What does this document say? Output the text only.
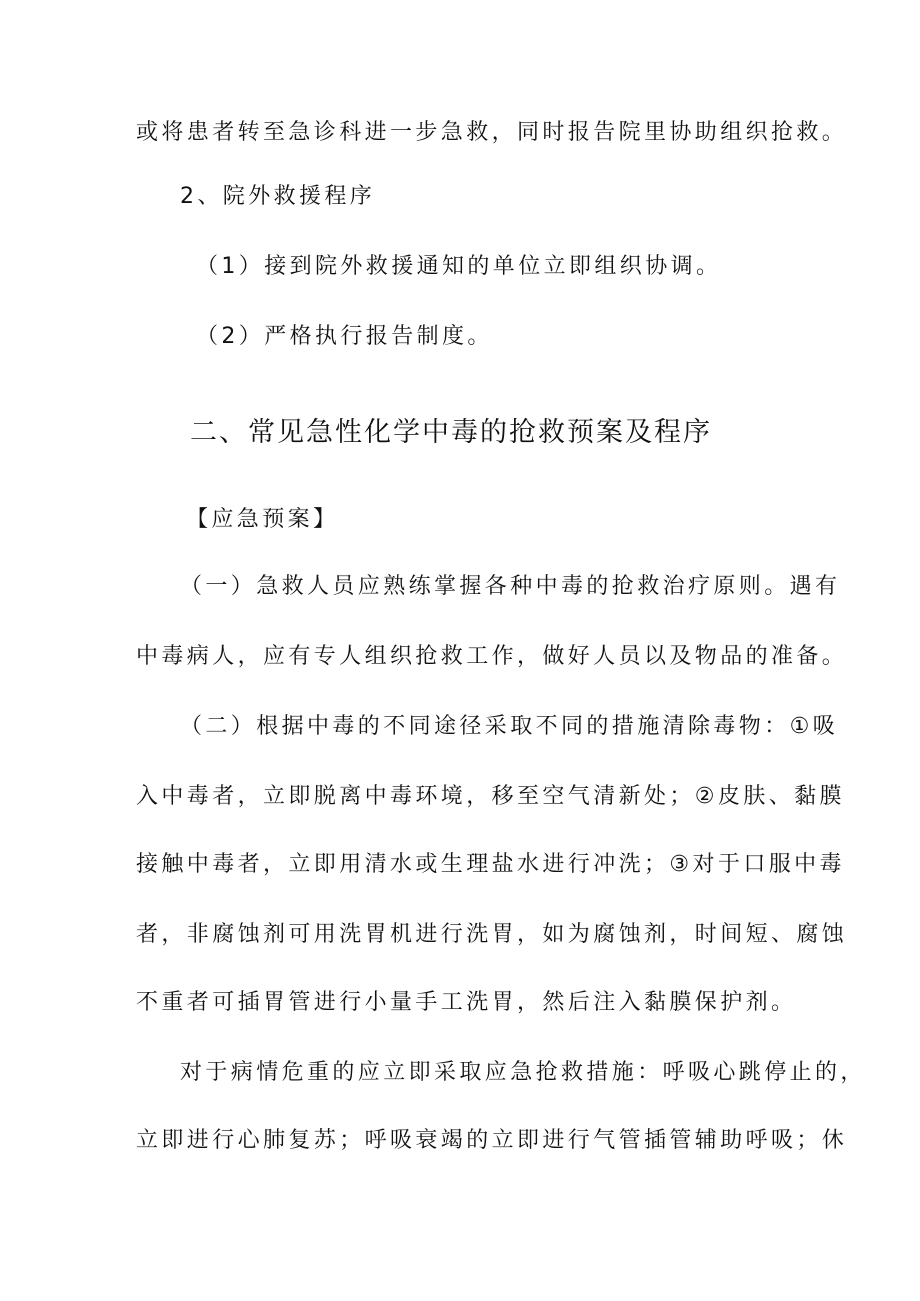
或将患者转至急诊科进一步急救，同时报告院里协助组织抢救。
2、院外救援程序
（1）接到院外救援通知的单位立即组织协调。
（2）严格执行报告制度。
二、常见急性化学中毒的抢救预案及程序
【应急预案】
（一）急救人员应熟练掌握各种中毒的抢救治疗原则。遇有
中毒病人，应有专人组织抢救工作，做好人员以及物品的准备。
（二）根据中毒的不同途径采取不同的措施清除毒物：①吸
入中毒者，立即脱离中毒环境，移至空气清新处；②皮肤、黏膜
接触中毒者，立即用清水或生理盐水进行冲洗；③对于口服中毒
者，非腐蚀剂可用洗胃机进行洗胃，如为腐蚀剂，时间短、腐蚀
不重者可插胃管进行小量手工洗胃，然后注入黏膜保护剂。
对于病情危重的应立即采取应急抢救措施：呼吸心跳停止的，
立即进行心肺复苏；呼吸衰竭的立即进行气管插管辅助呼吸；休
